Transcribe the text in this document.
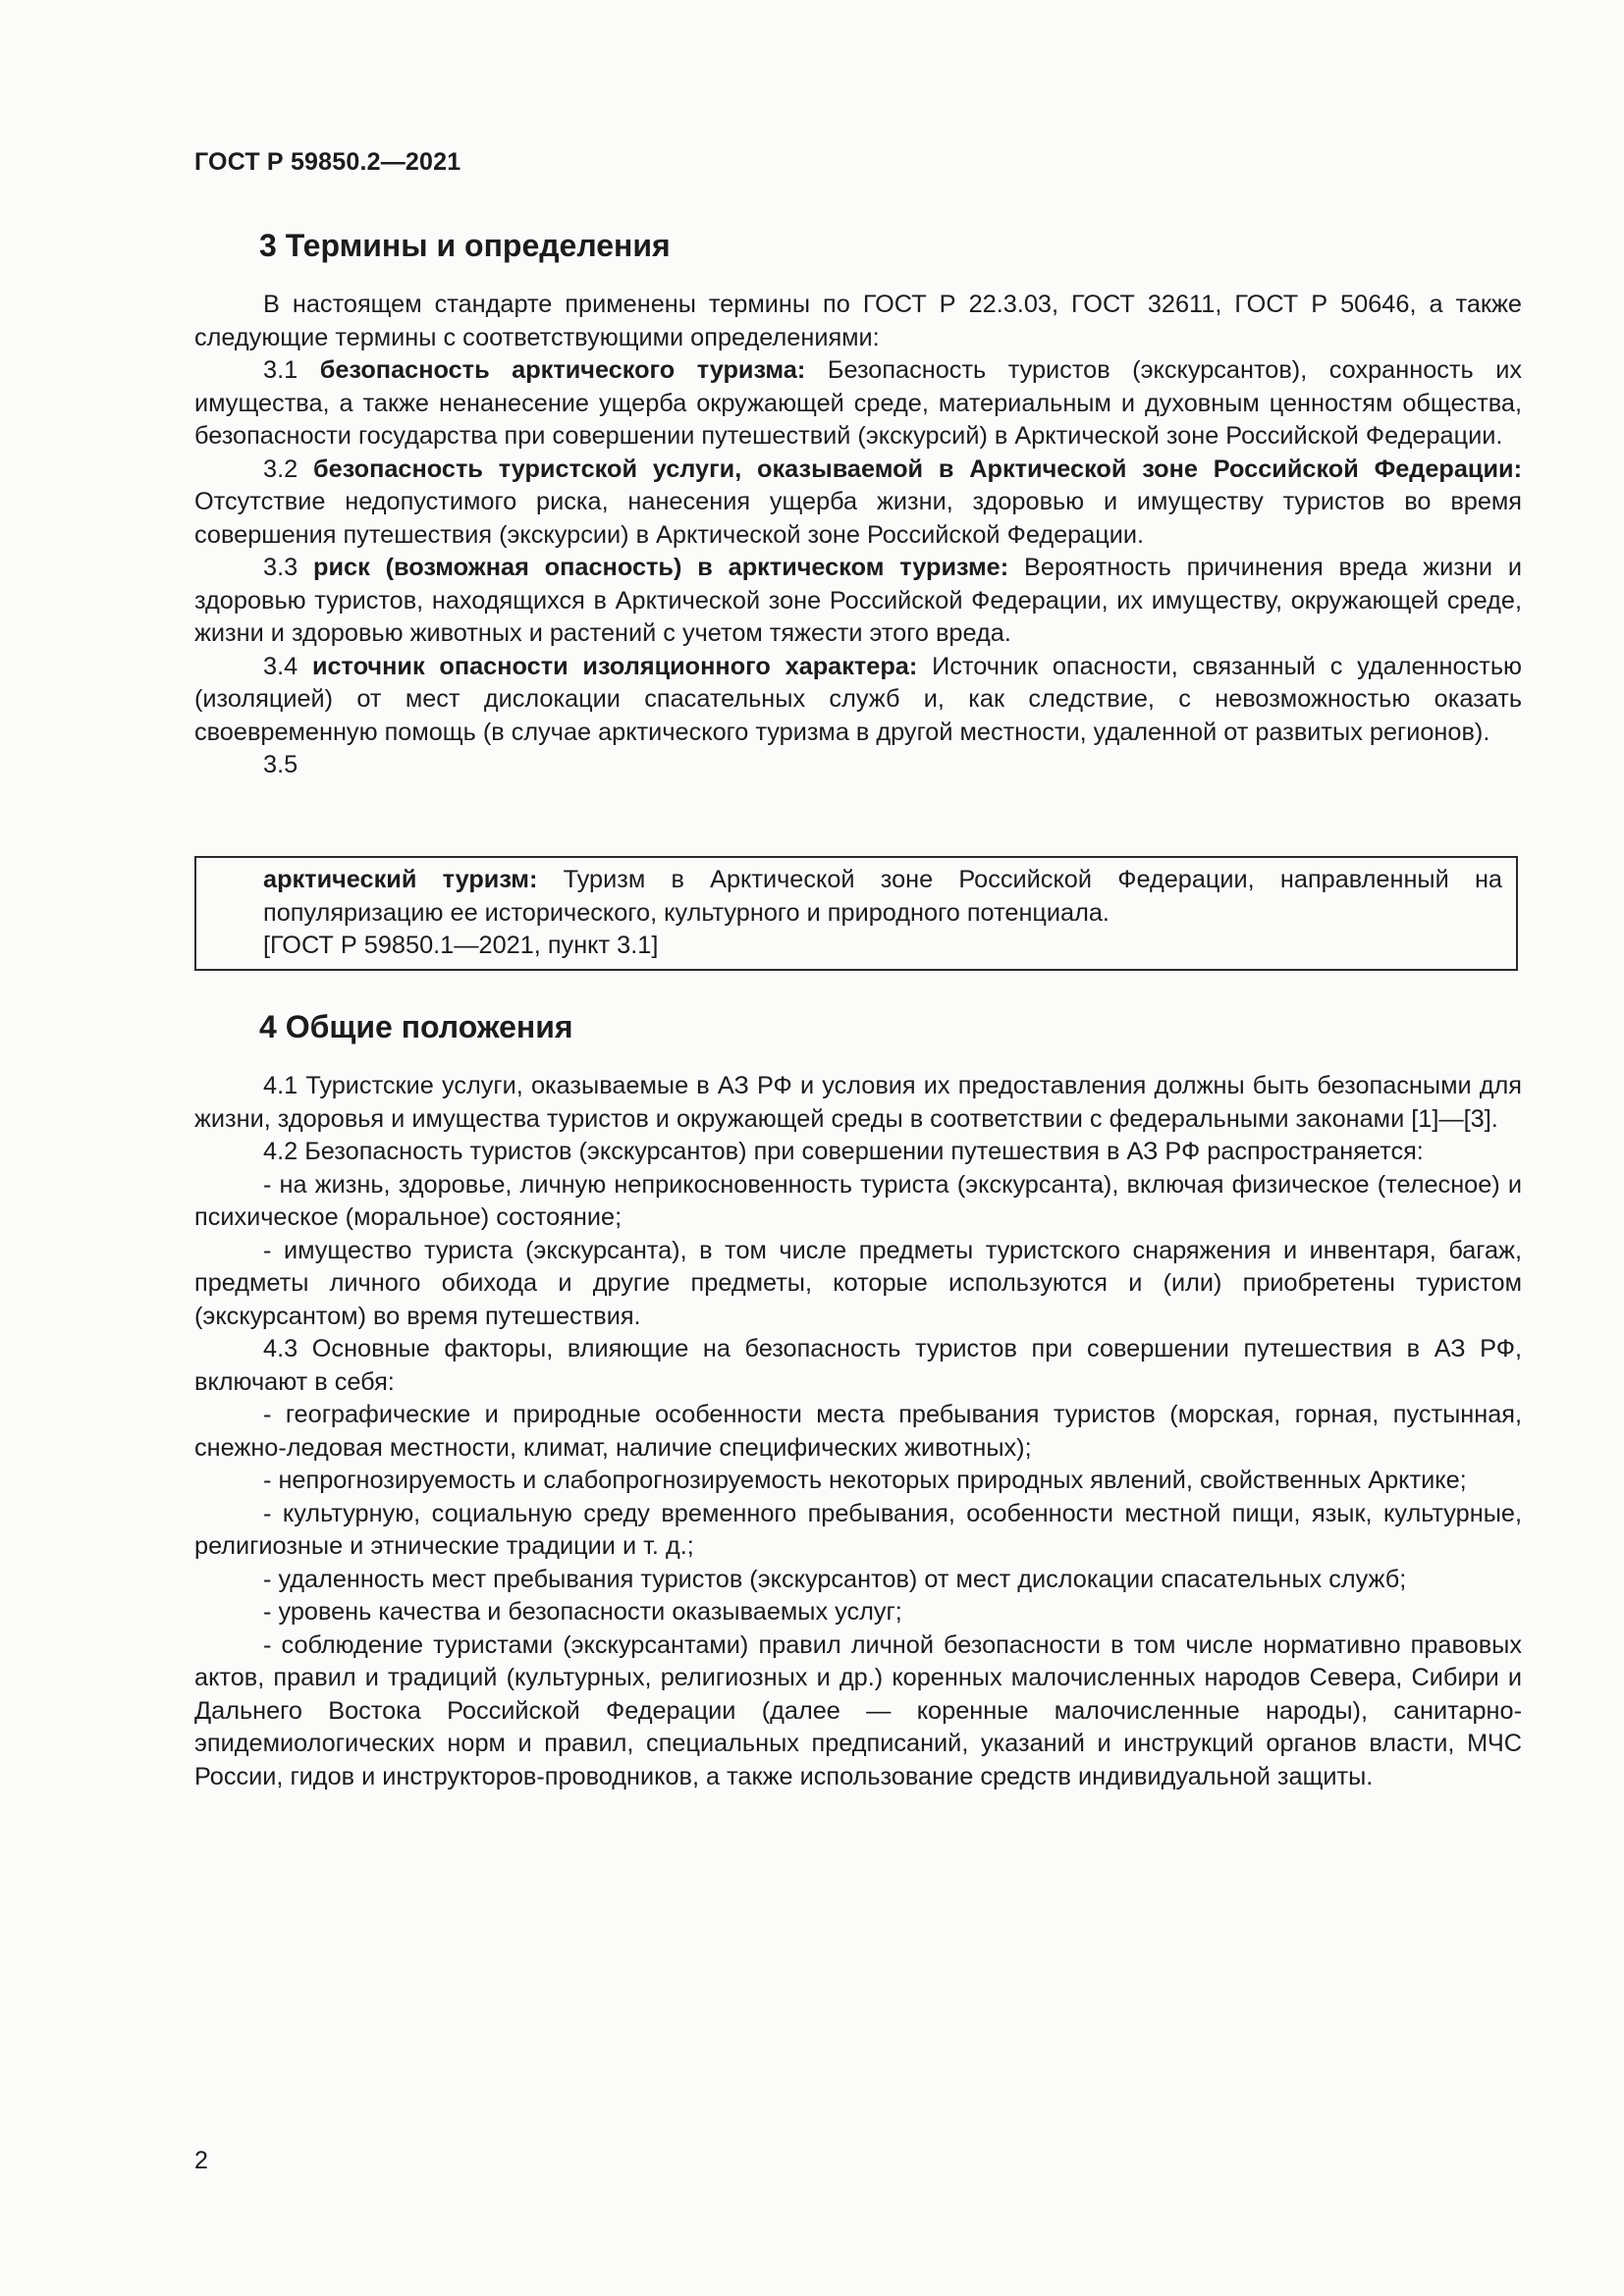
ГОСТ Р 59850.2—2021
3 Термины и определения

В настоящем стандарте применены термины по ГОСТ Р 22.3.03, ГОСТ 32611, ГОСТ Р 50646, а также следующие термины с соответствующими определениями:

3.1 безопасность арктического туризма: Безопасность туристов (экскурсантов), сохранность их имущества, а также ненанесение ущерба окружающей среде, материальным и духовным ценностям общества, безопасности государства при совершении путешествий (экскурсий) в Арктической зоне Российской Федерации.

3.2 безопасность туристской услуги, оказываемой в Арктической зоне Российской Федерации: Отсутствие недопустимого риска, нанесения ущерба жизни, здоровью и имуществу туристов во время совершения путешествия (экскурсии) в Арктической зоне Российской Федерации.

3.3 риск (возможная опасность) в арктическом туризме: Вероятность причинения вреда жизни и здоровью туристов, находящихся в Арктической зоне Российской Федерации, их имуществу, окружающей среде, жизни и здоровью животных и растений с учетом тяжести этого вреда.

3.4 источник опасности изоляционного характера: Источник опасности, связанный с удаленностью (изоляцией) от мест дислокации спасательных служб и, как следствие, с невозможностью оказать своевременную помощь (в случае арктического туризма в другой местности, удаленной от развитых регионов).

3.5

арктический туризм: Туризм в Арктической зоне Российской Федерации, направленный на популяризацию ее исторического, культурного и природного потенциала.

[ГОСТ Р 59850.1—2021, пункт 3.1]

4 Общие положения

4.1 Туристские услуги, оказываемые в АЗ РФ и условия их предоставления должны быть безопасными для жизни, здоровья и имущества туристов и окружающей среды в соответствии с федеральными законами [1]—[3].

4.2 Безопасность туристов (экскурсантов) при совершении путешествия в АЗ РФ распространяется:

- на жизнь, здоровье, личную неприкосновенность туриста (экскурсанта), включая физическое (телесное) и психическое (моральное) состояние;

- имущество туриста (экскурсанта), в том числе предметы туристского снаряжения и инвентаря, багаж, предметы личного обихода и другие предметы, которые используются и (или) приобретены туристом (экскурсантом) во время путешествия.

4.3 Основные факторы, влияющие на безопасность туристов при совершении путешествия в АЗ РФ, включают в себя:

- географические и природные особенности места пребывания туристов (морская, горная, пустынная, снежно-ледовая местности, климат, наличие специфических животных);

- непрогнозируемость и слабопрогнозируемость некоторых природных явлений, свойственных Арктике;

- культурную, социальную среду временного пребывания, особенности местной пищи, язык, культурные, религиозные и этнические традиции и т. д.;

- удаленность мест пребывания туристов (экскурсантов) от мест дислокации спасательных служб;

- уровень качества и безопасности оказываемых услуг;

- соблюдение туристами (экскурсантами) правил личной безопасности в том числе нормативно правовых актов, правил и традиций (культурных, религиозных и др.) коренных малочисленных народов Севера, Сибири и Дальнего Востока Российской Федерации (далее — коренные малочисленные народы), санитарно-эпидемиологических норм и правил, специальных предписаний, указаний и инструкций органов власти, МЧС России, гидов и инструкторов-проводников, а также использование средств индивидуальной защиты.

2
